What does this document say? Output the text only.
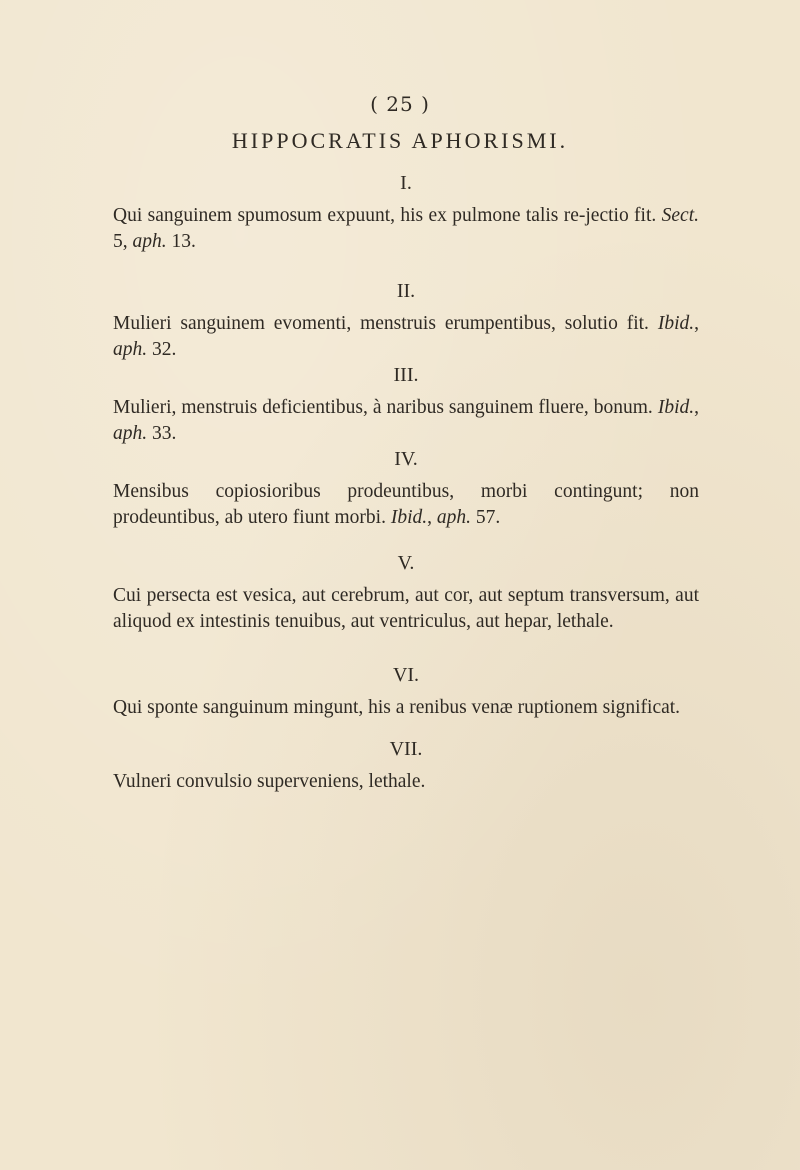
( 25 )
HIPPOCRATIS APHORISMI.
I.

Qui sanguinem spumosum expuunt, his ex pulmone talis re-jectio fit. Sect. 5, aph. 13.

II.

Mulieri sanguinem evomenti, menstruis erumpentibus, solutio fit. Ibid., aph. 32.

III.

Mulieri, menstruis deficientibus, à naribus sanguinem fluere, bonum. Ibid., aph. 33.

IV.

Mensibus copiosioribus prodeuntibus, morbi contingunt; non prodeuntibus, ab utero fiunt morbi. Ibid., aph. 57.

V.

Cui persecta est vesica, aut cerebrum, aut cor, aut septum transversum, aut aliquod ex intestinis tenuibus, aut ventriculus, aut hepar, lethale.

VI.

Qui sponte sanguinum mingunt, his a renibus venæ ruptionem significat.

VII.

Vulneri convulsio superveniens, lethale.
